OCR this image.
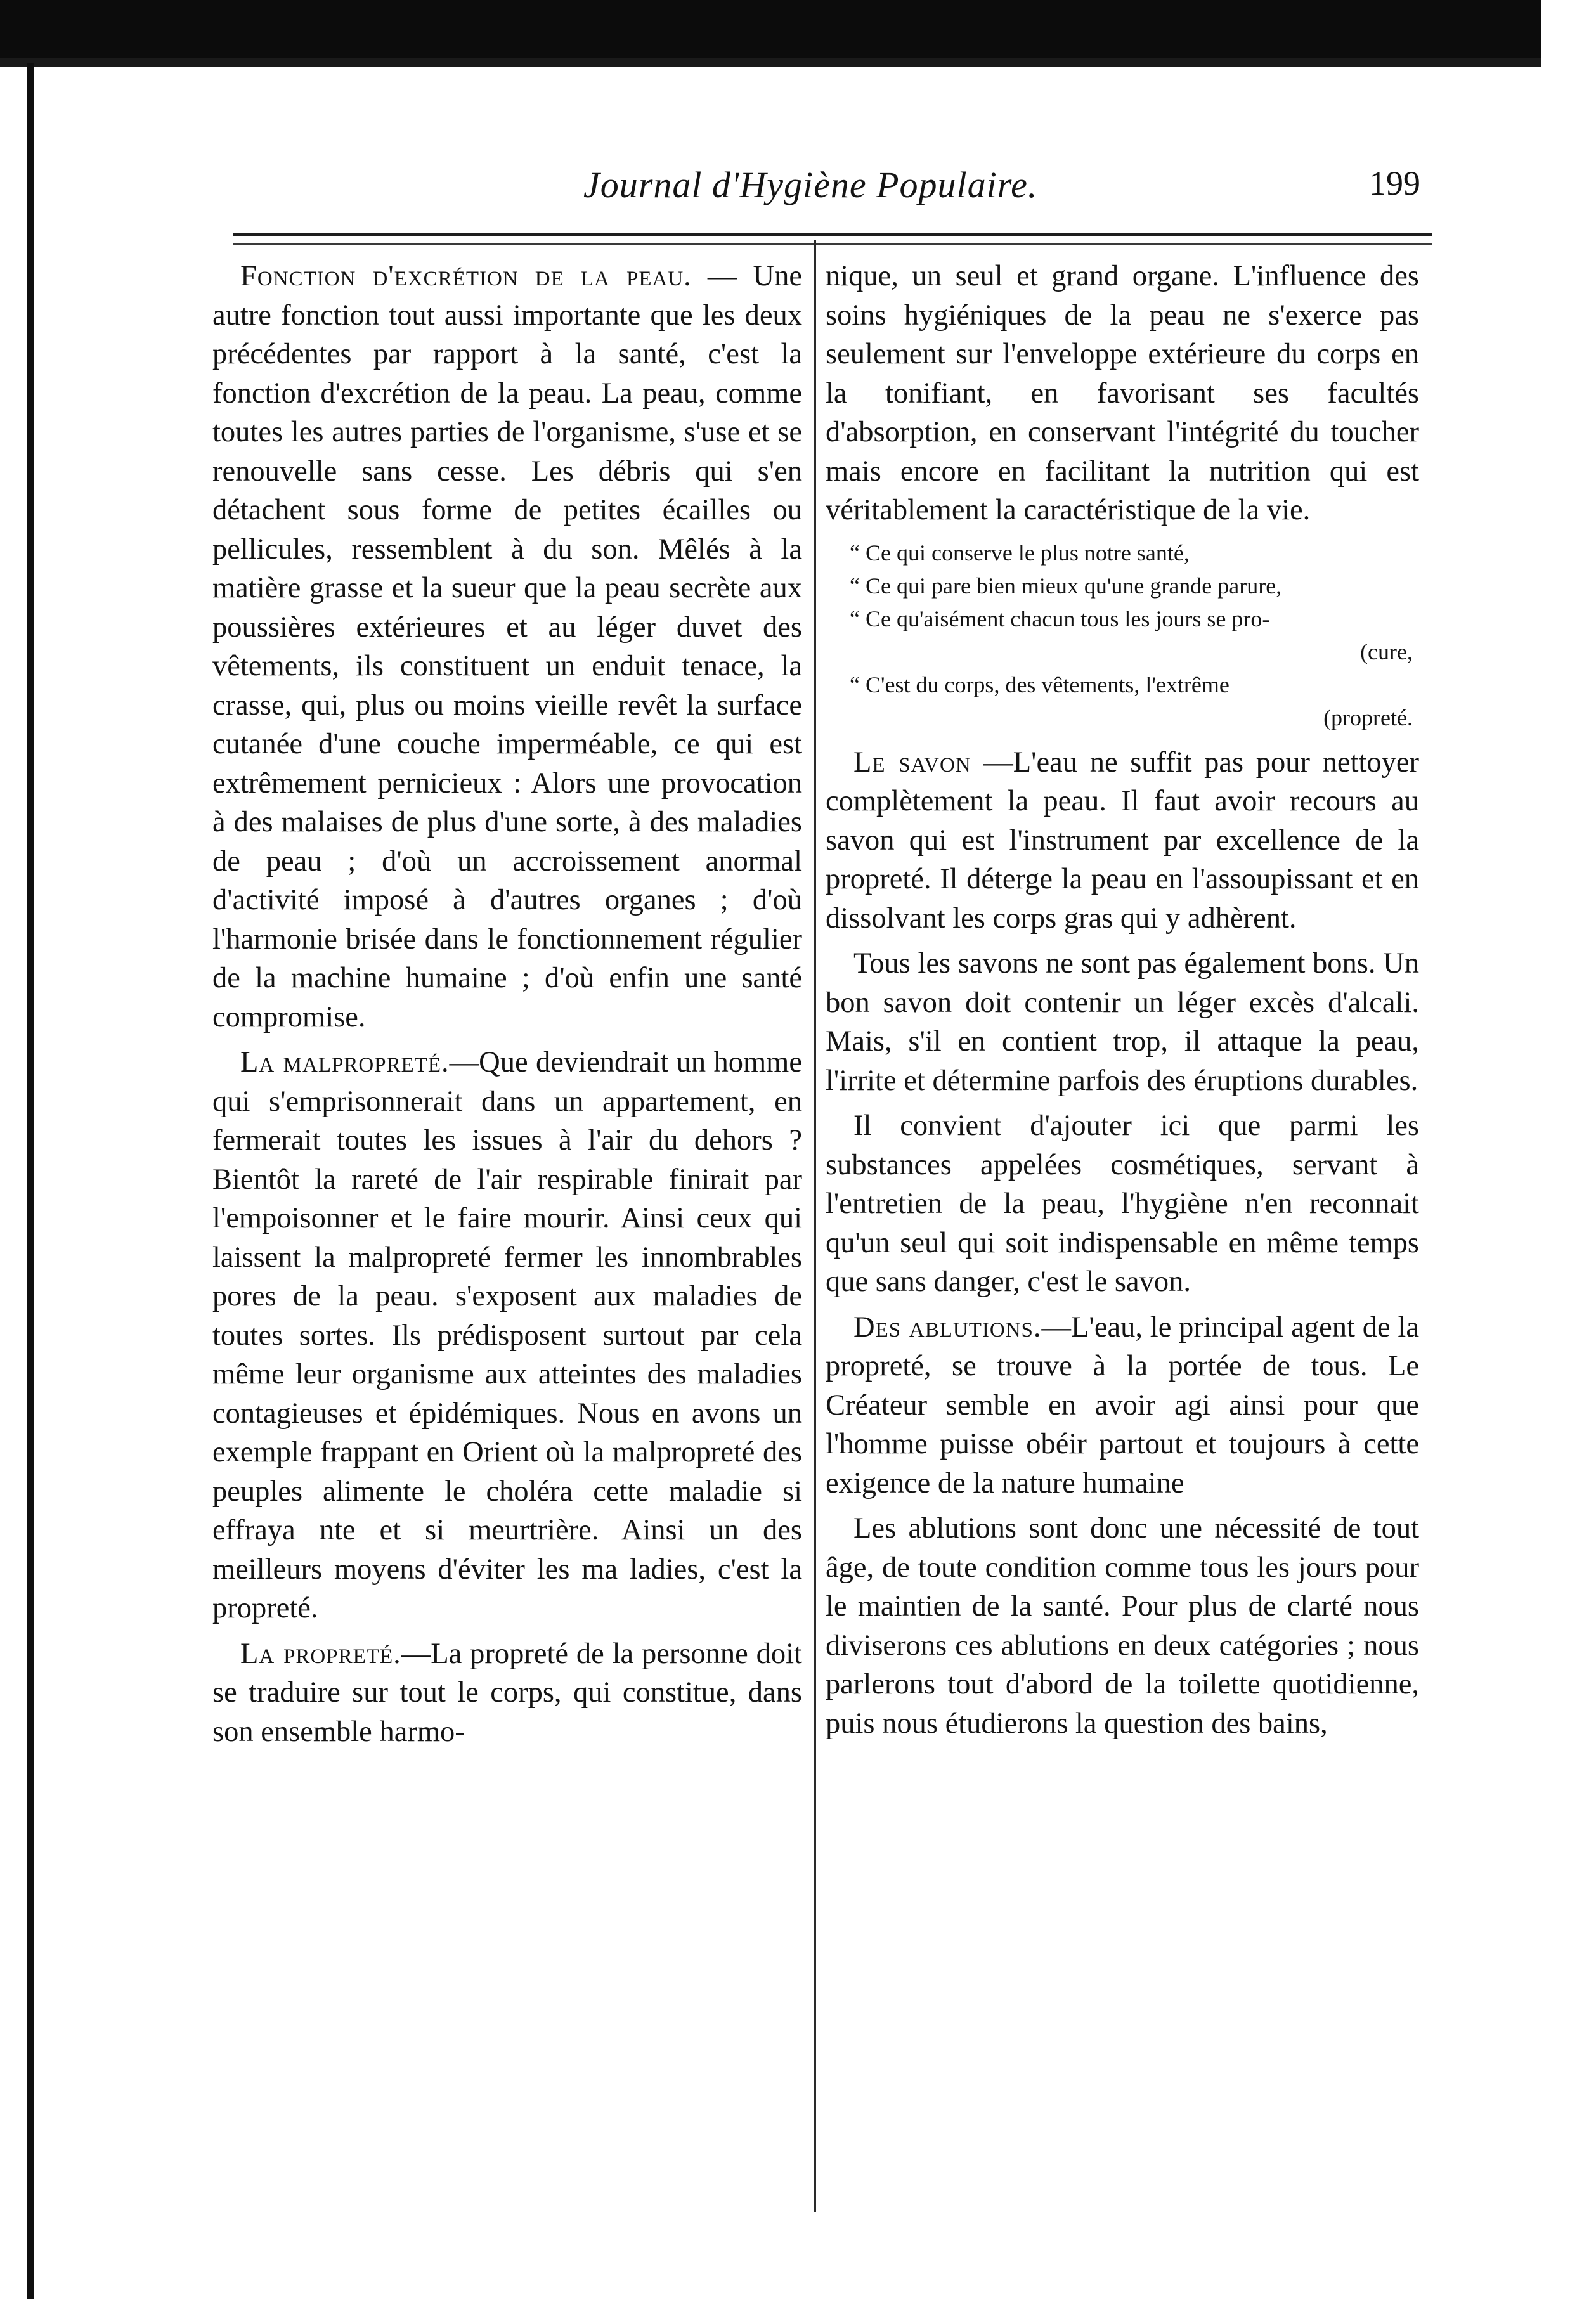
Journal d'Hygiène Populaire.	199

Fonction d'excrétion de la peau. — Une autre fonction tout aussi importante que les deux précédentes par rapport à la santé, c'est la fonction d'excrétion de la peau. La peau, comme toutes les autres parties de l'organisme, s'use et se renouvelle sans cesse. Les débris qui s'en détachent sous forme de petites écailles ou pellicules, ressemblent à du son. Mêlés à la matière grasse et la sueur que la peau secrète aux poussières extérieures et au léger duvet des vêtements, ils constituent un enduit tenace, la crasse, qui, plus ou moins vieille revêt la surface cutanée d'une couche imperméable, ce qui est extrêmement pernicieux : Alors une provocation à des malaises de plus d'une sorte, à des maladies de peau ; d'où un accroissement anormal d'activité imposé à d'autres organes ; d'où l'harmonie brisée dans le fonctionnement régulier de la machine humaine ; d'où enfin une santé compromise.

La malpropreté.—Que deviendrait un homme qui s'emprisonnerait dans un appartement, en fermerait toutes les issues à l'air du dehors ? Bientôt la rareté de l'air respirable finirait par l'empoisonner et le faire mourir. Ainsi ceux qui laissent la malpropreté fermer les innombrables pores de la peau. s'exposent aux maladies de toutes sortes. Ils prédisposent surtout par cela même leur organisme aux atteintes des maladies contagieuses et épidémiques. Nous en avons un exemple frappant en Orient où la malpropreté des peuples alimente le choléra cette maladie si effraya nte et si meurtrière. Ainsi un des meilleurs moyens d'éviter les ma ladies, c'est la propreté.

La propreté.—La propreté de la personne doit se traduire sur tout le corps, qui constitue, dans son ensemble harmo-

nique, un seul et grand organe. L'influence des soins hygiéniques de la peau ne s'exerce pas seulement sur l'enveloppe extérieure du corps en la tonifiant, en favorisant ses facultés d'absorption, en conservant l'intégrité du toucher mais encore en facilitant la nutrition qui est véritablement la caractéristique de la vie.

“ Ce qui conserve le plus notre santé,
“ Ce qui pare bien mieux qu'une grande parure,
“ Ce qu'aisément chacun tous les jours se pro-
(cure,
“ C'est du corps, des vêtements, l'extrême
(propreté.

Le savon —L'eau ne suffit pas pour nettoyer complètement la peau. Il faut avoir recours au savon qui est l'instrument par excellence de la propreté. Il déterge la peau en l'assoupissant et en dissolvant les corps gras qui y adhèrent.

Tous les savons ne sont pas également bons. Un bon savon doit contenir un léger excès d'alcali. Mais, s'il en contient trop, il attaque la peau, l'irrite et détermine parfois des éruptions durables.

Il convient d'ajouter ici que parmi les substances appelées cosmétiques, servant à l'entretien de la peau, l'hygiène n'en reconnait qu'un seul qui soit indispensable en même temps que sans danger, c'est le savon.

Des ablutions.—L'eau, le principal agent de la propreté, se trouve à la portée de tous. Le Créateur semble en avoir agi ainsi pour que l'homme puisse obéir partout et toujours à cette exigence de la nature humaine

Les ablutions sont donc une nécessité de tout âge, de toute condition comme tous les jours pour le maintien de la santé. Pour plus de clarté nous diviserons ces ablutions en deux catégories ; nous parlerons tout d'abord de la toilette quotidienne, puis nous étudierons la question des bains,
